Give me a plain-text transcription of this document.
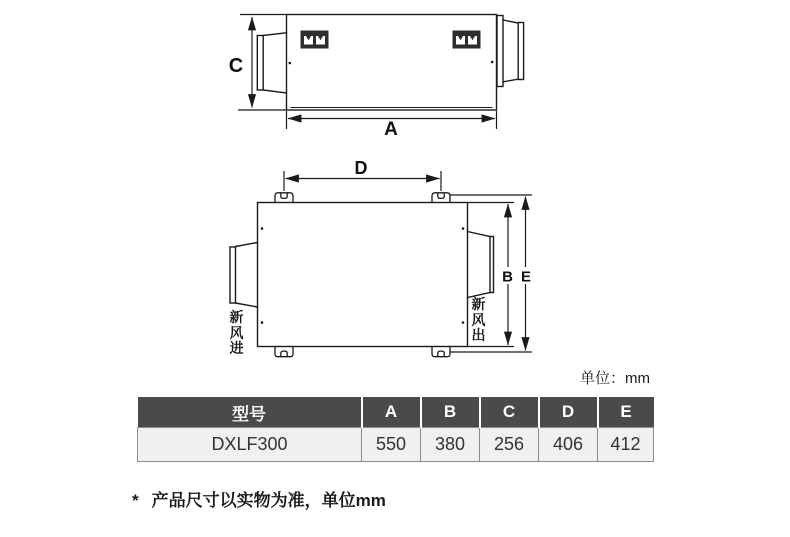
C
A
D
B E
新风进
新风出
单位：mm
型号	A	B	C	D	E
DXLF300	550	380	256	406	412
* 产品尺寸以实物为准，单位mm
